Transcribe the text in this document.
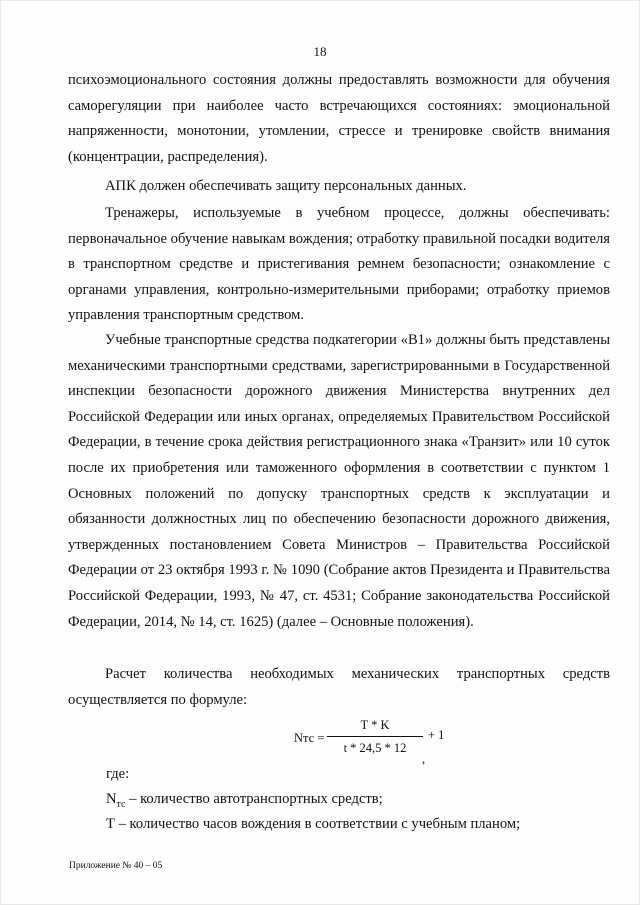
18

психоэмоционального состояния должны предоставлять возможности для обучения саморегуляции при наиболее часто встречающихся состояниях: эмоциональной напряженности, монотонии, утомлении, стрессе и тренировке свойств внимания (концентрации, распределения).

АПК должен обеспечивать защиту персональных данных.

Тренажеры, используемые в учебном процессе, должны обеспечивать: первоначальное обучение навыкам вождения; отработку правильной посадки водителя в транспортном средстве и пристегивания ремнем безопасности; ознакомление с органами управления, контрольно-измерительными приборами; отработку приемов управления транспортным средством.

Учебные транспортные средства подкатегории «В1» должны быть представлены механическими транспортными средствами, зарегистрированными в Государственной инспекции безопасности дорожного движения Министерства внутренних дел Российской Федерации или иных органах, определяемых Правительством Российской Федерации, в течение срока действия регистрационного знака «Транзит» или 10 суток после их приобретения или таможенного оформления в соответствии с пунктом 1 Основных положений по допуску транспортных средств к эксплуатации и обязанности должностных лиц по обеспечению безопасности дорожного движения, утвержденных постановлением Совета Министров – Правительства Российской Федерации от 23 октября 1993 г. № 1090 (Собрание актов Президента и Правительства Российской Федерации, 1993, № 47, ст. 4531; Собрание законодательства Российской Федерации, 2014, № 14, ст. 1625) (далее – Основные положения).

Расчет количества необходимых механических транспортных средств осуществляется по формуле:

Nтс =
T * K
t * 24,5 * 12
+ 1
,
где:
$N_{тс}$ – количество автотранспортных средств;
Т – количество часов вождения в соответствии с учебным планом;
Приложение № 40 – 05
